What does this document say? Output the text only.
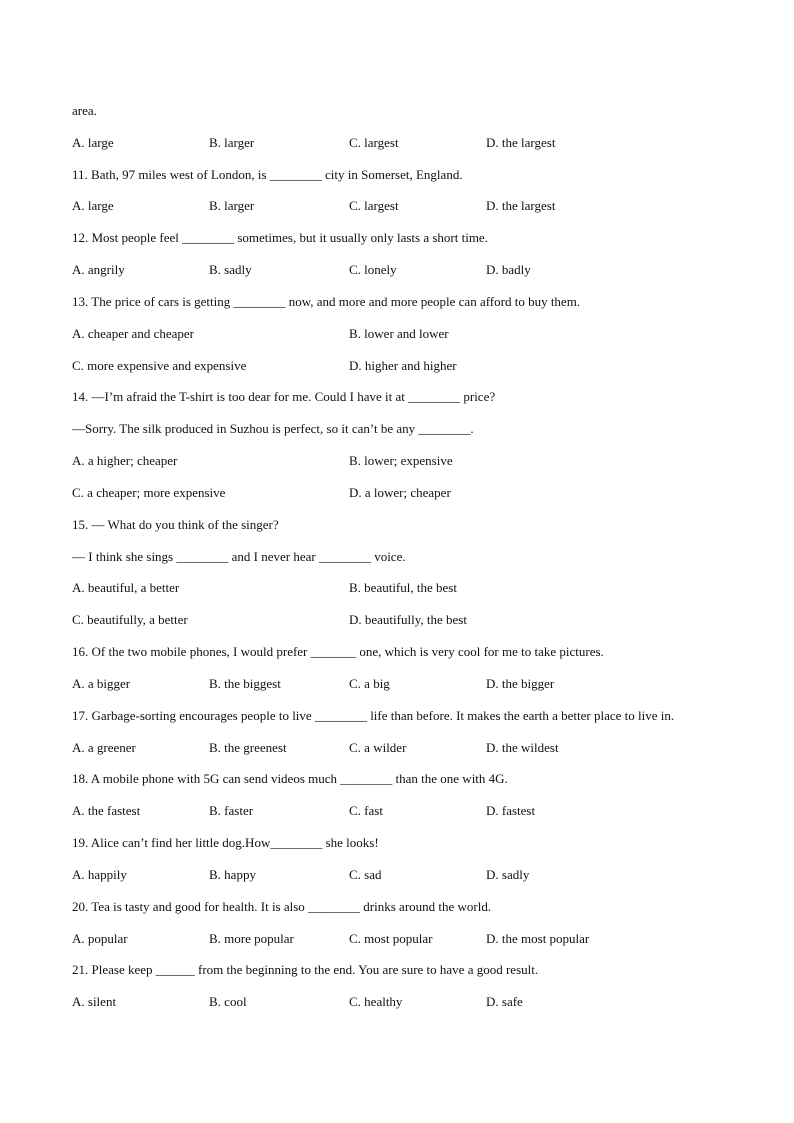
area.
A. large	B. larger	C. largest	D. the largest
11. Bath, 97 miles west of London, is ________ city in Somerset, England.
A. large	B. larger	C. largest	D. the largest
12. Most people feel ________ sometimes, but it usually only lasts a short time.
A. angrily	B. sadly	C. lonely	D. badly
13. The price of cars is getting ________ now, and more and more people can afford to buy them.
A. cheaper and cheaper	B. lower and lower
C. more expensive and expensive	D. higher and higher
14. —I’m afraid the T-shirt is too dear for me. Could I have it at ________ price?
—Sorry. The silk produced in Suzhou is perfect, so it can’t be any ________.
A. a higher; cheaper	B. lower; expensive
C. a cheaper; more expensive	D. a lower; cheaper
15. — What do you think of the singer?
— I think she sings ________ and I never hear ________ voice.
A. beautiful, a better	B. beautiful, the best
C. beautifully, a better	D. beautifully, the best
16. Of the two mobile phones, I would prefer _______ one, which is very cool for me to take pictures.
A. a bigger	B. the biggest	C. a big	D. the bigger
17. Garbage-sorting encourages people to live ________ life than before. It makes the earth a better place to live in.
A. a greener	B. the greenest	C. a wilder	D. the wildest
18. A mobile phone with 5G can send videos much ________ than the one with 4G.
A. the fastest	B. faster	C. fast	D. fastest
19. Alice can’t find her little dog.How________ she looks!
A. happily	B. happy	C. sad	D. sadly
20. Tea is tasty and good for health. It is also ________ drinks around the world.
A. popular	B. more popular	C. most popular	D. the most popular
21. Please keep ______ from the beginning to the end. You are sure to have a good result.
A. silent	B. cool	C. healthy	D. safe
